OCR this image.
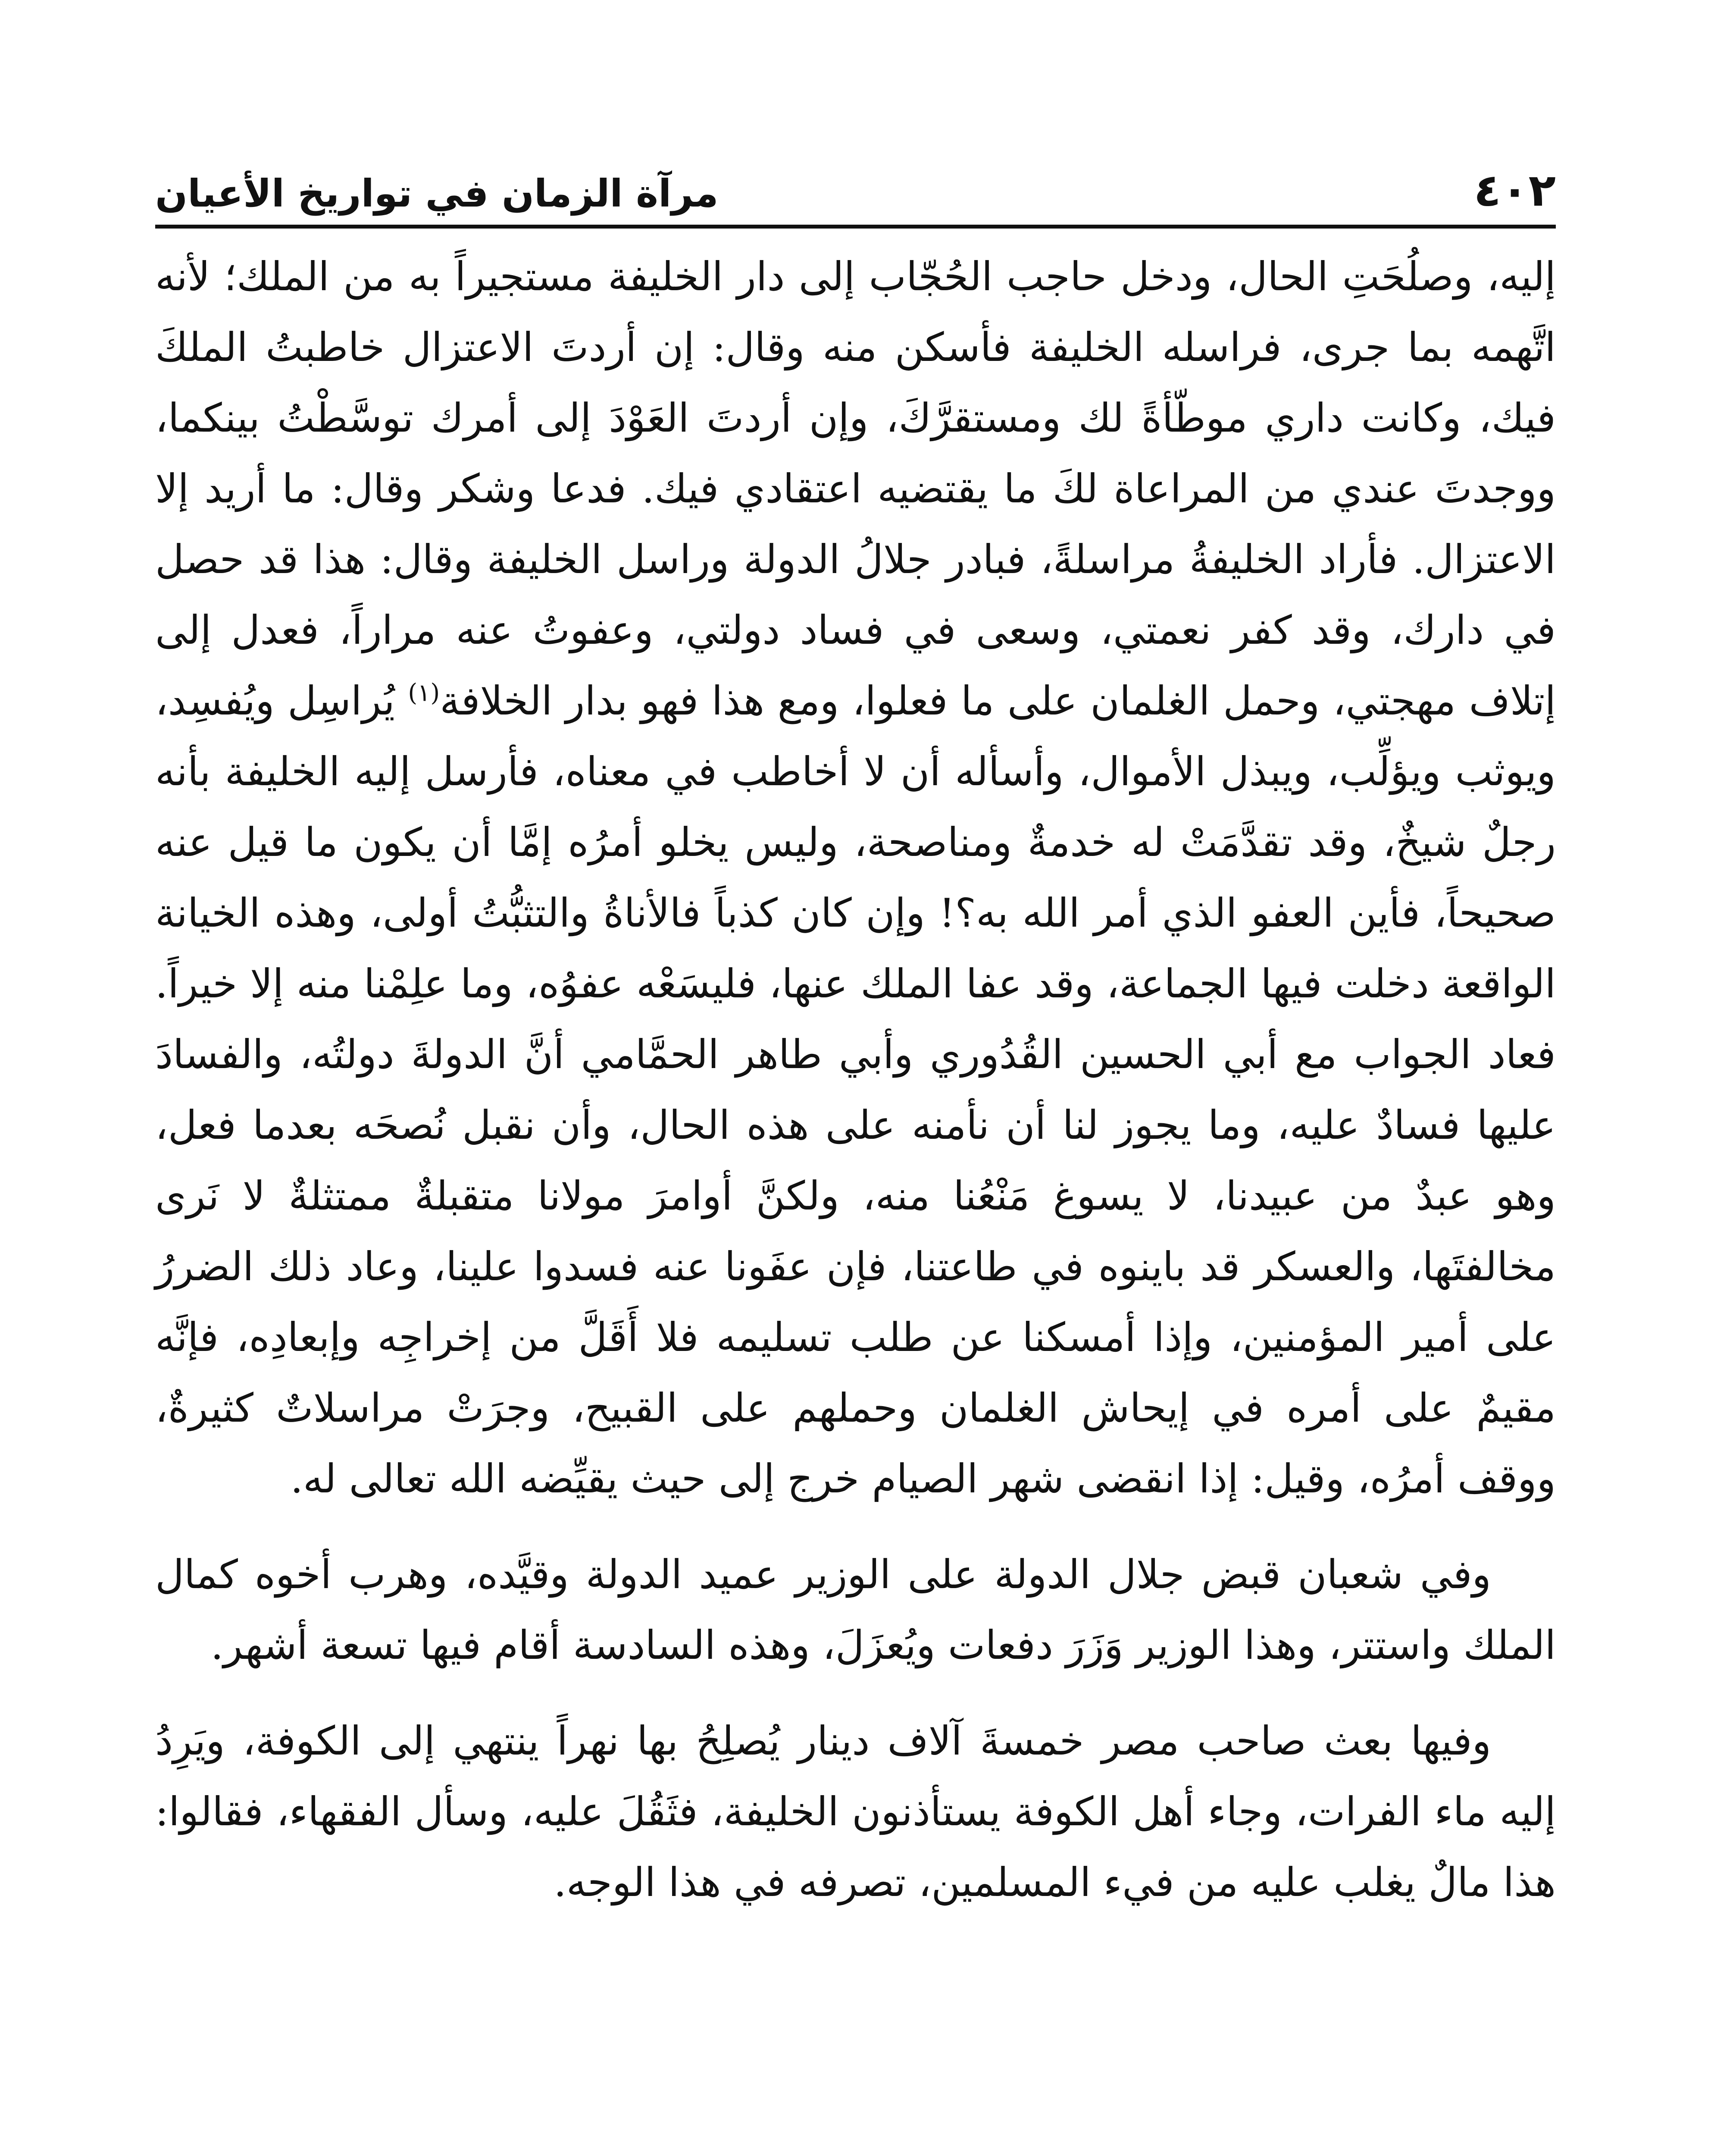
٤٠٢
مرآة الزمان في تواريخ الأعيان

إليه، وصلُحَتِ الحال، ودخل حاجب الحُجّاب إلى دار الخليفة مستجيراً به من الملك؛ لأنه اتَّهمه بما جرى، فراسله الخليفة فأسكن منه وقال: إن أردتَ الاعتزال خاطبتُ الملكَ فيك، وكانت داري موطّأةً لك ومستقرَّكَ، وإن أردتَ العَوْدَ إلى أمرك توسَّطْتُ بينكما، ووجدتَ عندي من المراعاة لكَ ما يقتضيه اعتقادي فيك. فدعا وشكر وقال: ما أريد إلا الاعتزال. فأراد الخليفةُ مراسلةً، فبادر جلالُ الدولة وراسل الخليفة وقال: هذا قد حصل في دارك، وقد كفر نعمتي، وسعى في فساد دولتي، وعفوتُ عنه مراراً، فعدل إلى إتلاف مهجتي، وحمل الغلمان على ما فعلوا، ومع هذا فهو بدار الخلافة$^{(١)}$ يُراسِل ويُفسِد، ويوثب ويؤلِّب، ويبذل الأموال، وأسأله أن لا أخاطب في معناه، فأرسل إليه الخليفة بأنه رجلٌ شيخٌ، وقد تقدَّمَتْ له خدمةٌ ومناصحة، وليس يخلو أمرُه إمَّا أن يكون ما قيل عنه صحيحاً، فأين العفو الذي أمر الله به؟! وإن كان كذباً فالأناةُ والتثبُّتُ أولى، وهذه الخيانة الواقعة دخلت فيها الجماعة، وقد عفا الملك عنها، فليسَعْه عفوُه، وما علِمْنا منه إلا خيراً. فعاد الجواب مع أبي الحسين القُدُوري وأبي طاهر الحمَّامي أنَّ الدولةَ دولتُه، والفسادَ عليها فسادٌ عليه، وما يجوز لنا أن نأمنه على هذه الحال، وأن نقبل نُصحَه بعدما فعل، وهو عبدٌ من عبيدنا، لا يسوغ مَنْعُنا منه، ولكنَّ أوامرَ مولانا متقبلةٌ ممتثلةٌ لا نَرى مخالفتَها، والعسكر قد باينوه في طاعتنا، فإن عفَونا عنه فسدوا علينا، وعاد ذلك الضررُ على أمير المؤمنين، وإذا أمسكنا عن طلب تسليمه فلا أَقَلَّ من إخراجِه وإبعادِه، فإنَّه مقيمٌ على أمره في إيحاش الغلمان وحملهم على القبيح، وجرَتْ مراسلاتٌ كثيرةٌ، ووقف أمرُه، وقيل: إذا انقضى شهر الصيام خرج إلى حيث يقيِّضه الله تعالى له.

وفي شعبان قبض جلال الدولة على الوزير عميد الدولة وقيَّده، وهرب أخوه كمال الملك واستتر، وهذا الوزير وَزَرَ دفعات ويُعزَلَ، وهذه السادسة أقام فيها تسعة أشهر.

وفيها بعث صاحب مصر خمسةَ آلاف دينار يُصلِحُ بها نهراً ينتهي إلى الكوفة، ويَرِدُ إليه ماء الفرات، وجاء أهل الكوفة يستأذنون الخليفة، فثَقُلَ عليه، وسأل الفقهاء، فقالوا: هذا مالٌ يغلب عليه من فيء المسلمين، تصرفه في هذا الوجه.
